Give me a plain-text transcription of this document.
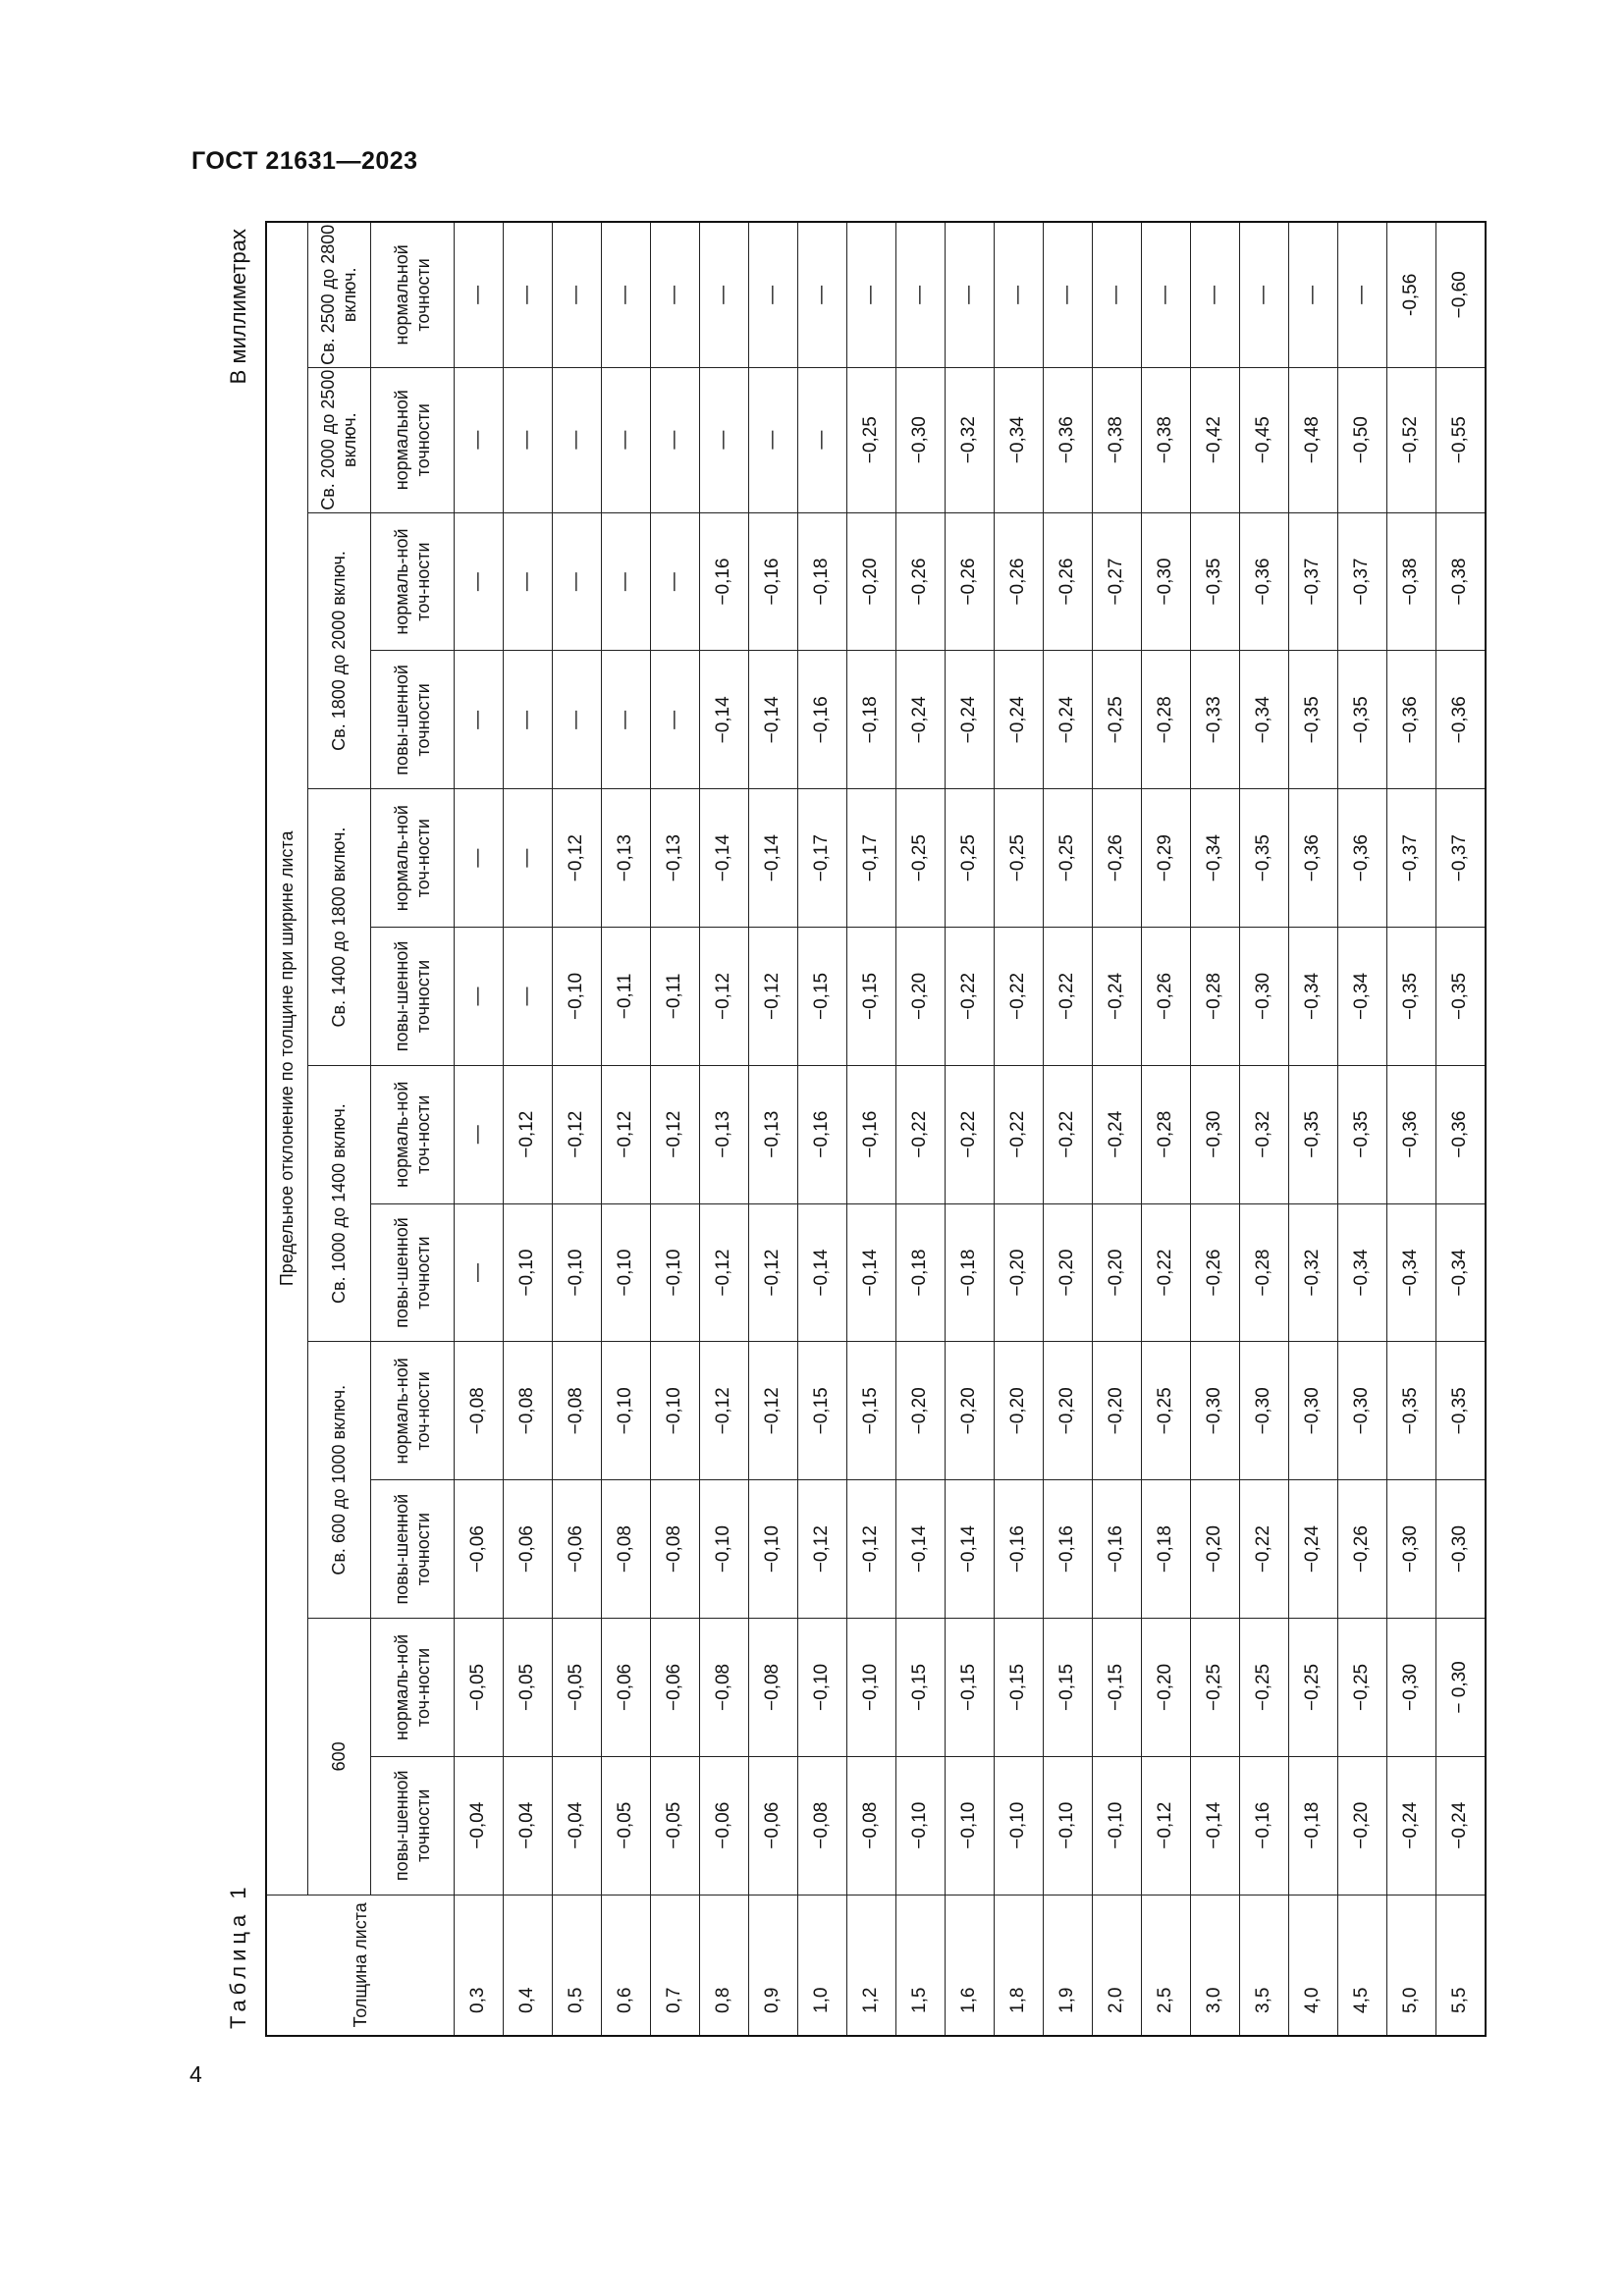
ГОСТ 21631—2023
4
Таблица 1
В миллиметрах
Толщина листа	Предельное отклонение по толщине при ширине листа											
	600		Св. 600 до 1000 включ.		Св. 1000 до 1400 включ.		Св. 1400 до 1800 включ.		Св. 1800 до 2000 включ.		Св. 2000 до 2500 включ.	Св. 2500 до 2800 включ.
	повы-шенной точности	нормаль-ной точ-ности	повы-шенной точности	нормаль-ной точ-ности	повы-шенной точности	нормаль-ной точ-ности	повы-шенной точности	нормаль-ной точ-ности	повы-шенной точности	нормаль-ной точ-ности	нормальной точности	нормальной точности
0,3	−0,04	−0,05	−0,06	−0,08	—	—	—	—	—	—	—	—
0,4	−0,04	−0,05	−0,06	−0,08	−0,10	−0,12	—	—	—	—	—	—
0,5	−0,04	−0,05	−0,06	−0,08	−0,10	−0,12	−0,10	−0,12	—	—	—	—
0,6	−0,05	−0,06	−0,08	−0,10	−0,10	−0,12	−0,11	−0,13	—	—	—	—
0,7	−0,05	−0,06	−0,08	−0,10	−0,10	−0,12	−0,11	−0,13	—	—	—	—
0,8	−0,06	−0,08	−0,10	−0,12	−0,12	−0,13	−0,12	−0,14	−0,14	−0,16	—	—
0,9	−0,06	−0,08	−0,10	−0,12	−0,12	−0,13	−0,12	−0,14	−0,14	−0,16	—	—
1,0	−0,08	−0,10	−0,12	−0,15	−0,14	−0,16	−0,15	−0,17	−0,16	−0,18	—	—
1,2	−0,08	−0,10	−0,12	−0,15	−0,14	−0,16	−0,15	−0,17	−0,18	−0,20	−0,25	—
1,5	−0,10	−0,15	−0,14	−0,20	−0,18	−0,22	−0,20	−0,25	−0,24	−0,26	−0,30	—
1,6	−0,10	−0,15	−0,14	−0,20	−0,18	−0,22	−0,22	−0,25	−0,24	−0,26	−0,32	—
1,8	−0,10	−0,15	−0,16	−0,20	−0,20	−0,22	−0,22	−0,25	−0,24	−0,26	−0,34	—
1,9	−0,10	−0,15	−0,16	−0,20	−0,20	−0,22	−0,22	−0,25	−0,24	−0,26	−0,36	—
2,0	−0,10	−0,15	−0,16	−0,20	−0,20	−0,24	−0,24	−0,26	−0,25	−0,27	−0,38	—
2,5	−0,12	−0,20	−0,18	−0,25	−0,22	−0,28	−0,26	−0,29	−0,28	−0,30	−0,38	—
3,0	−0,14	−0,25	−0,20	−0,30	−0,26	−0,30	−0,28	−0,34	−0,33	−0,35	−0,42	—
3,5	−0,16	−0,25	−0,22	−0,30	−0,28	−0,32	−0,30	−0,35	−0,34	−0,36	−0,45	—
4,0	−0,18	−0,25	−0,24	−0,30	−0,32	−0,35	−0,34	−0,36	−0,35	−0,37	−0,48	—
4,5	−0,20	−0,25	−0,26	−0,30	−0,34	−0,35	−0,34	−0,36	−0,35	−0,37	−0,50	—
5,0	−0,24	−0,30	−0,30	−0,35	−0,34	−0,36	−0,35	−0,37	−0,36	−0,38	−0,52	-0,56
5,5	−0,24	− 0,30	−0,30	−0,35	−0,34	−0,36	−0,35	−0,37	−0,36	−0,38	−0,55	−0,60
